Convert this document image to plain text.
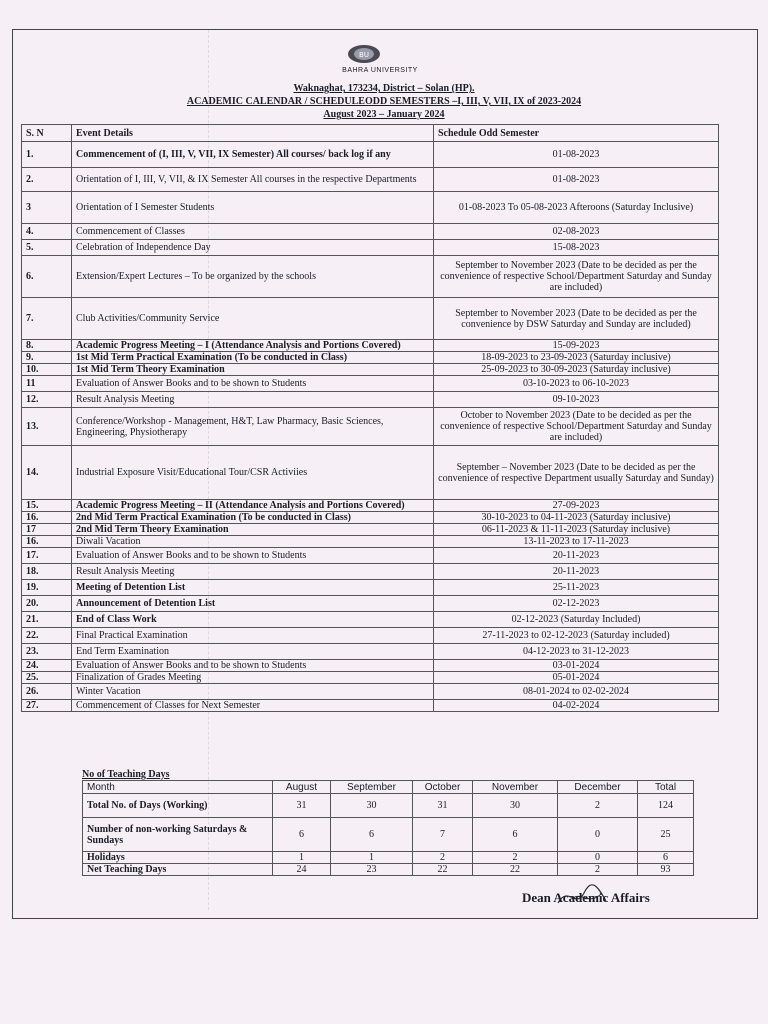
BU
BAHRA UNIVERSITY
Waknaghat, 173234, District – Solan (HP).
ACADEMIC CALENDAR / SCHEDULEODD SEMESTERS –I, III, V, VII, IX of 2023-2024
August 2023 – January 2024
S. N	Event Details	Schedule Odd Semester
1.	Commencement of (I, III, V, VII, IX Semester) All courses/ back log if any	01-08-2023
2.	Orientation of I, III, V, VII, & IX Semester All courses in the respective Departments	01-08-2023
3	Orientation of I Semester Students	01-08-2023 To 05-08-2023 Afteroons (Saturday Inclusive)
4.	Commencement of Classes	02-08-2023
5.	Celebration of Independence Day	15-08-2023
6.	Extension/Expert Lectures – To be organized by the schools	September to November 2023 (Date to be decided as per the convenience of respective School/Department Saturday and Sunday are included)
7.	Club Activities/Community Service	September to November 2023 (Date to be decided as per the convenience by DSW Saturday and Sunday are included)
8.	Academic Progress Meeting – I (Attendance Analysis and Portions Covered)	15-09-2023
9.	1st Mid Term Practical Examination (To be conducted in Class)	18-09-2023 to 23-09-2023 (Saturday inclusive)
10.	1st Mid Term Theory Examination	25-09-2023 to 30-09-2023 (Saturday inclusive)
11	Evaluation of Answer Books and to be shown to Students	03-10-2023 to 06-10-2023
12.	Result Analysis Meeting	09-10-2023
13.	Conference/Workshop - Management, H&T, Law Pharmacy, Basic Sciences, Engineering, Physiotherapy	October to November 2023 (Date to be decided as per the convenience of respective School/Department Saturday and Sunday are included)
14.	Industrial Exposure Visit/Educational Tour/CSR Activiies	September – November 2023 (Date to be decided as per the convenience of respective Department usually Saturday and Sunday)
15.	Academic Progress Meeting – II (Attendance Analysis and Portions Covered)	27-09-2023
16.	2nd Mid Term Practical Examination (To be conducted in Class)	30-10-2023 to 04-11-2023 (Saturday inclusive)
17	2nd Mid Term Theory Examination	06-11-2023 & 11-11-2023 (Saturday inclusive)
16.	Diwali Vacation	13-11-2023 to 17-11-2023
17.	Evaluation of Answer Books and to be shown to Students	20-11-2023
18.	Result Analysis Meeting	20-11-2023
19.	Meeting of Detention List	25-11-2023
20.	Announcement of Detention List	02-12-2023
21.	End of Class Work	02-12-2023 (Saturday Included)
22.	Final Practical Examination	27-11-2023 to 02-12-2023 (Saturday included)
23.	End Term Examination	04-12-2023 to 31-12-2023
24.	Evaluation of Answer Books and to be shown to Students	03-01-2024
25.	Finalization of Grades Meeting	05-01-2024
26.	Winter Vacation	08-01-2024 to 02-02-2024
27.	Commencement of Classes for Next Semester	04-02-2024
No of Teaching Days
Month	August	September	October	November	December	Total
Total No. of Days (Working)	31	30	31	30	2	124
Number of non-working Saturdays & Sundays	6	6	7	6	0	25
Holidays	1	1	2	2	0	6
Net Teaching Days	24	23	22	22	2	93
Dean Academic Affairs
